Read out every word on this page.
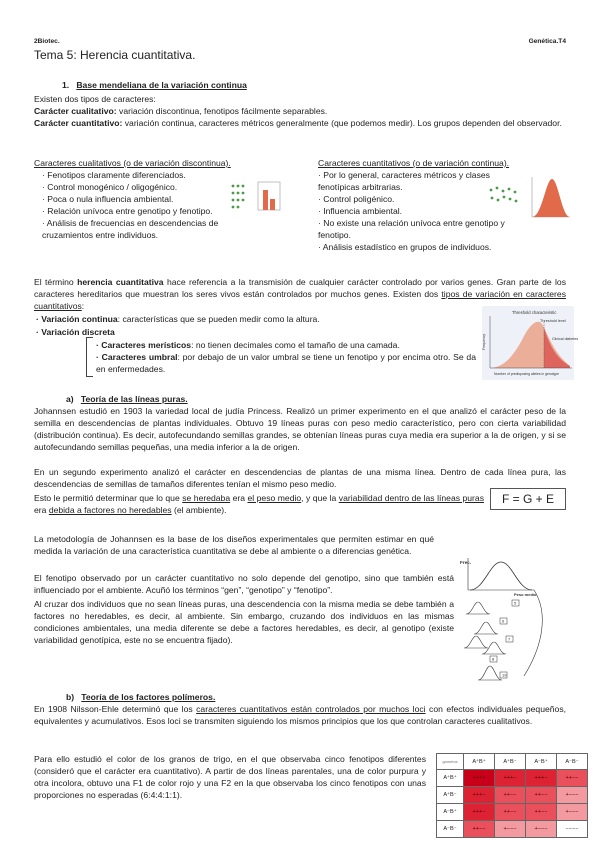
2Biotec.	Genética.T4
Tema 5: Herencia cuantitativa.
1. Base mendeliana de la variación continua

Existen dos tipos de caracteres:

Carácter cualitativo: variación discontinua, fenotipos fácilmente separables.

Carácter cuantitativo: variación continua, caracteres métricos generalmente (que podemos medir). Los grupos dependen del observador.

Caracteres cualitativos (o de variación discontinua).

· Fenotipos claramente diferenciados.

· Control monogénico / oligogénico.

· Poca o nula influencia ambiental.

· Relación unívoca entre genotipo y fenotipo.

· Análisis de frecuencias en descendencias de cruzamientos entre individuos.

Caracteres cuantitativos (o de variación continua).

· Por lo general, caracteres métricos y clases fenotípicas arbitrarias.

· Control poligénico.

· Influencia ambiental.

· No existe una relación unívoca entre genotipo y fenotipo.

· Análisis estadístico en grupos de individuos.

El término herencia cuantitativa hace referencia a la transmisión de cualquier carácter controlado por varios genes. Gran parte de los caracteres hereditarios que muestran los seres vivos están controlados por muchos genes. Existen dos tipos de variación en caracteres cuantitativos:
· Variación continua: características que se pueden medir como la altura.
· Variación discreta

· Caracteres merísticos: no tienen decimales como el tamaño de una camada.

· Caracteres umbral: por debajo de un valor umbral se tiene un fenotipo y por encima otro. Se da en enfermedades.

Threshold characteristic
Threshold level
Clinical diabetes
Frequency
Number of predisposing alleles in genotype
a) Teoría de las líneas puras.
Johannsen estudió en 1903 la variedad local de judía Princess. Realizó un primer experimento en el que analizó el carácter peso de la semilla en descendencias de plantas individuales. Obtuvo 19 líneas puras con peso medio característico, pero con cierta variabilidad (distribución continua). Es decir, autofecundando semillas grandes, se obtenían líneas puras cuya media era superior a la de origen, y si se autofecundando semillas pequeñas, una media inferior a la de origen.
En un segundo experimento analizó el carácter en descendencias de plantas de una misma línea. Dentro de cada línea pura, las descendencias de semillas de tamaños diferentes tenían el mismo peso medio.
Esto le permitió determinar que lo que se heredaba era el peso medio, y que la variabilidad dentro de las líneas puras era debida a factores no heredables (el ambiente).
F = G + E
La metodología de Johannsen es la base de los diseños experimentales que permiten estimar en qué medida la variación de una característica cuantitativa se debe al ambiente o a diferencias genética.
El fenotipo observado por un carácter cuantitativo no solo depende del genotipo, sino que también está influenciado por el ambiente. Acuñó los términos “gen”, “genotipo” y “fenotipo”.
Al cruzar dos individuos que no sean líneas puras, una descendencia con la misma media se debe también a factores no heredables, es decir, al ambiente. Sin embargo, cruzando dos individuos en las mismas condiciones ambientales, una media diferente se debe a factores heredables, es decir, al genotipo (existe variabilidad genotípica, este no se encuentra fijado).
Frec.
Peso medio
5
6
7
8
19
b) Teoría de los factores polímeros.
En 1908 Nilsson-Ehle determinó que los caracteres cuantitativos están controlados por muchos loci con efectos individuales pequeños, equivalentes y acumulativos. Esos loci se transmiten siguiendo los mismos principios que los que controlan caracteres cualitativos.
Para ello estudió el color de los granos de trigo, en el que observaba cinco fenotipos diferentes (consideró que el carácter era cuantitativo). A partir de dos líneas parentales, una de color purpura y otra incolora, obtuvo una F1 de color rojo y una F2 en la que observaba los cinco fenotipos con unas proporciones no esperadas (6:4:4:1:1).
gametos	A⁺B⁺	A⁺B⁻	A⁻B⁺	A⁻B⁻
A⁺B⁺	++++	+++−	+++−	++−−
A⁺B⁻	+++−	++−−	++−−	+−−−
A⁻B⁺	+++−	++−−	++−−	+−−−
A⁻B⁻	++−−	+−−−	+−−−	−−−−
